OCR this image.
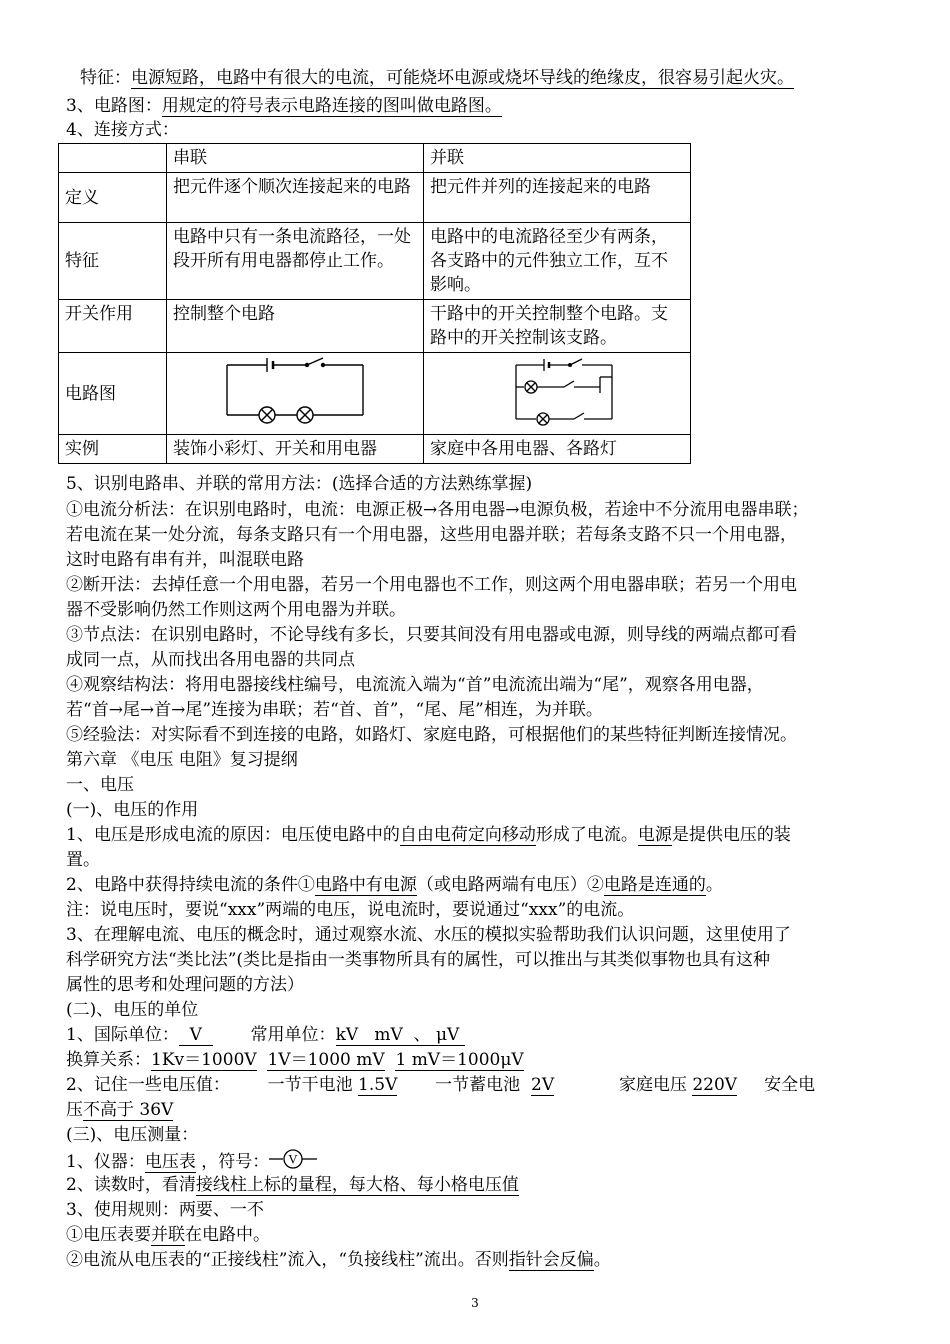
特征：电源短路，电路中有很大的电流，可能烧坏电源或烧坏导线的绝缘皮，很容易引起火灾。
3、电路图：用规定的符号表示电路连接的图叫做电路图。
4、连接方式：
	串联	并联
定义	把元件逐个顺次连接起来的电路	把元件并列的连接起来的电路
特征	电路中只有一条电流路径，一处段开所有用电器都停止工作。	电路中的电流路径至少有两条，各支路中的元件独立工作，互不影响。
开关作用	控制整个电路	干路中的开关控制整个电路。支路中的开关控制该支路。
电路图		
实例	装饰小彩灯、开关和用电器	家庭中各用电器、各路灯
5、识别电路串、并联的常用方法：(选择合适的方法熟练掌握)
①电流分析法：在识别电路时，电流：电源正极→各用电器→电源负极，若途中不分流用电器串联；
若电流在某一处分流，每条支路只有一个用电器，这些用电器并联；若每条支路不只一个用电器，
这时电路有串有并，叫混联电路
②断开法：去掉任意一个用电器，若另一个用电器也不工作，则这两个用电器串联；若另一个用电
器不受影响仍然工作则这两个用电器为并联。
③节点法：在识别电路时，不论导线有多长，只要其间没有用电器或电源，则导线的两端点都可看
成同一点，从而找出各用电器的共同点
④观察结构法：将用电器接线柱编号，电流流入端为“首”电流流出端为“尾”，观察各用电器，
若“首→尾→首→尾”连接为串联；若“首、首”，“尾、尾”相连，为并联。
⑤经验法：对实际看不到连接的电路，如路灯、家庭电路，可根据他们的某些特征判断连接情况。
第六章 《电压 电阻》复习提纲
一、电压
(一)、电压的作用
1、电压是形成电流的原因：电压使电路中的自由电荷定向移动形成了电流。电源是提供电压的装
置。
2、电路中获得持续电流的条件①电路中有电源（或电路两端有电压）②电路是连通的。
注：说电压时，要说“xxx”两端的电压，说电流时，要说通过“xxx”的电流。
3、在理解电流、电压的概念时，通过观察水流、水压的模拟实验帮助我们认识问题，这里使用了
科学研究方法“类比法”(类比是指由一类事物所具有的属性，可以推出与其类似事物也具有这种
属性的思考和处理问题的方法）
(二)、电压的单位
1、国际单位：  V         常用单位：kV   mV  、 μV
换算关系：1Kv＝1000V 1V＝1000 mV 1 mV＝1000μV
2、记住一些电压值：       一节干电池 1.5V       一节蓄电池  2V            家庭电压 220V     安全电
压不高于 36V
(三)、电压测量：
1、仪器：电压表 ，符号： V
2、读数时，看清接线柱上标的量程，每大格、每小格电压值
3、使用规则：两要、一不
①电压表要并联在电路中。
②电流从电压表的“正接线柱”流入，“负接线柱”流出。否则指针会反偏。
3
